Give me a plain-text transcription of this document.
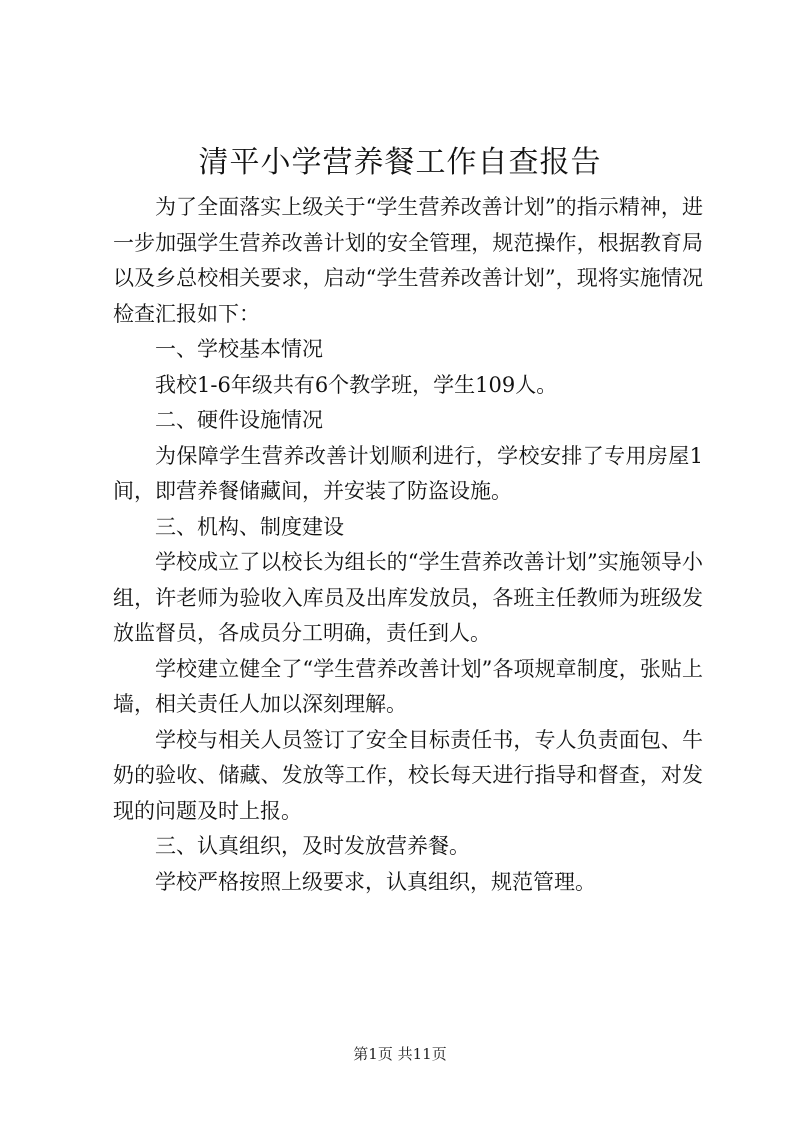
清平小学营养餐工作自查报告

为了全面落实上级关于“学生营养改善计划”的指示精神，进一步加强学生营养改善计划的安全管理，规范操作，根据教育局以及乡总校相关要求，启动“学生营养改善计划”，现将实施情况检查汇报如下：

一、学校基本情况

我校1-6年级共有6个教学班，学生109人。

二、硬件设施情况

为保障学生营养改善计划顺利进行，学校安排了专用房屋1间，即营养餐储藏间，并安装了防盗设施。

三、机构、制度建设

学校成立了以校长为组长的“学生营养改善计划”实施领导小组，许老师为验收入库员及出库发放员，各班主任教师为班级发放监督员，各成员分工明确，责任到人。

学校建立健全了“学生营养改善计划”各项规章制度，张贴上墙，相关责任人加以深刻理解。

学校与相关人员签订了安全目标责任书，专人负责面包、牛奶的验收、储藏、发放等工作，校长每天进行指导和督查，对发现的问题及时上报。

三、认真组织，及时发放营养餐。

学校严格按照上级要求，认真组织，规范管理。

第1页 共11页
